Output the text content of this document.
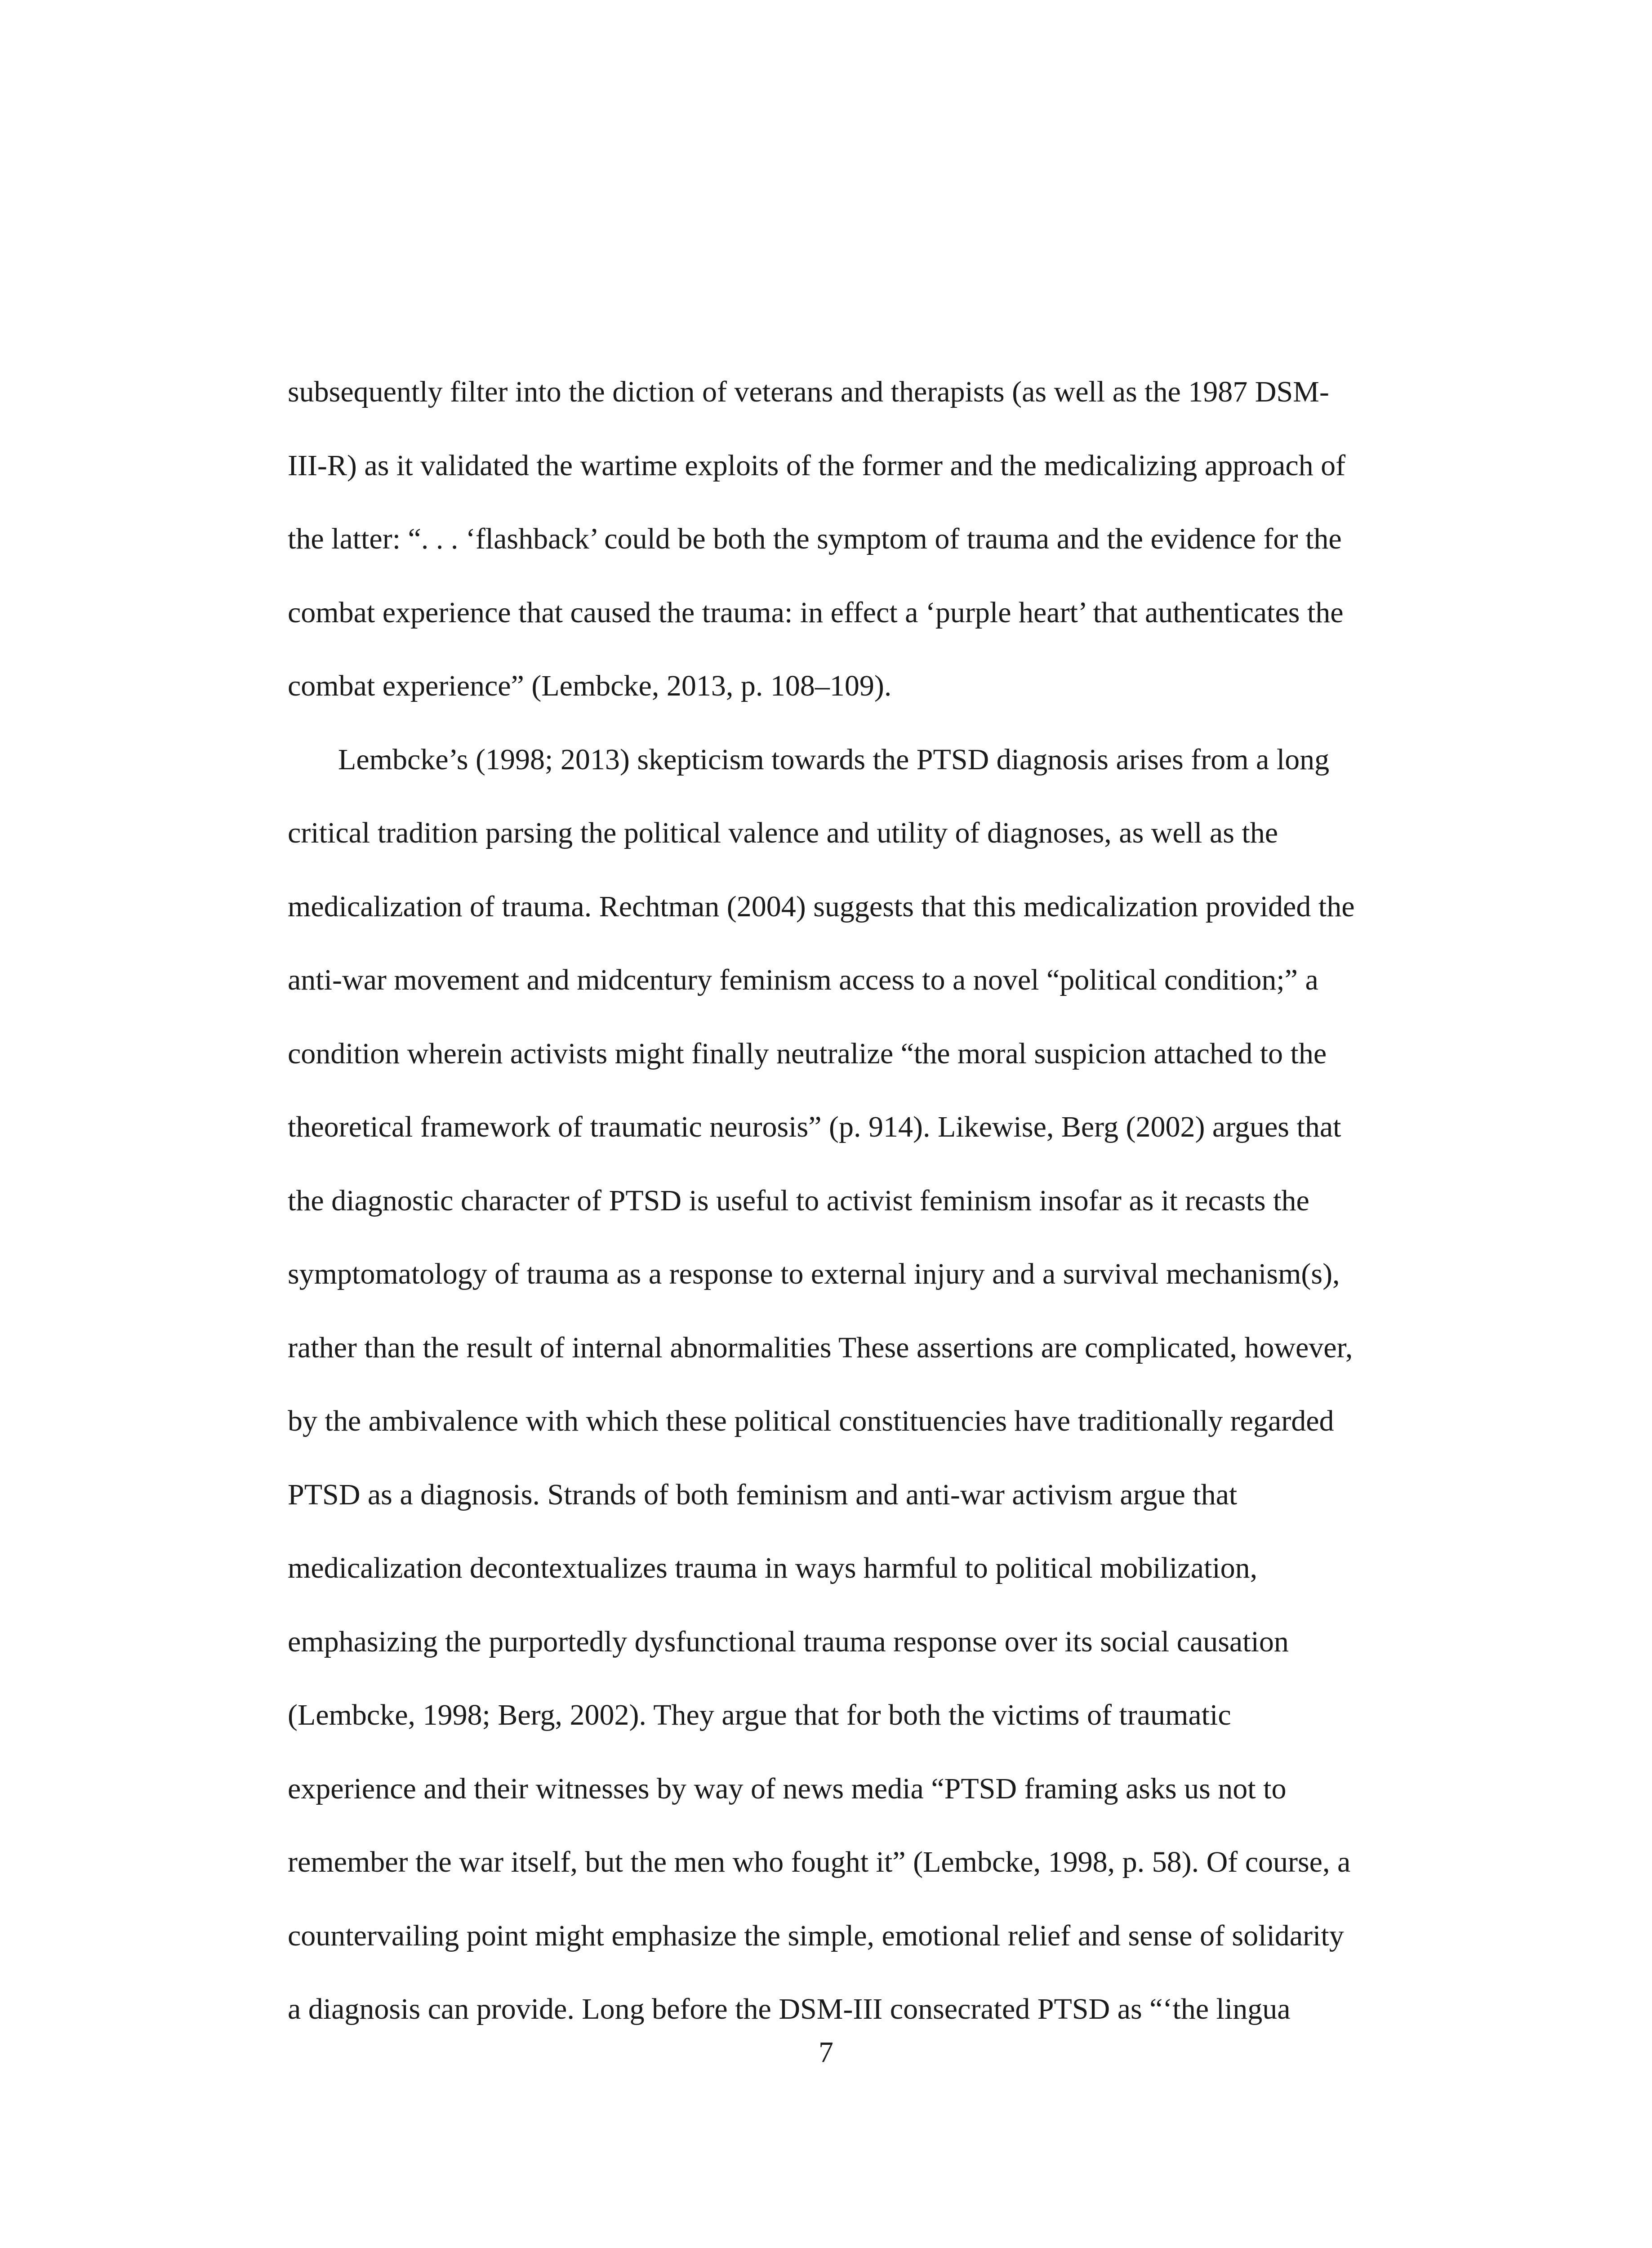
subsequently filter into the diction of veterans and therapists (as well as the 1987 DSM-
III-R) as it validated the wartime exploits of the former and the medicalizing approach of
the latter: “. . . ‘flashback’ could be both the symptom of trauma and the evidence for the
combat experience that caused the trauma: in effect a ‘purple heart’ that authenticates the
combat experience” (Lembcke, 2013, p. 108–109).
Lembcke’s (1998; 2013) skepticism towards the PTSD diagnosis arises from a long
critical tradition parsing the political valence and utility of diagnoses, as well as the
medicalization of trauma. Rechtman (2004) suggests that this medicalization provided the
anti-war movement and midcentury feminism access to a novel “political condition;” a
condition wherein activists might finally neutralize “the moral suspicion attached to the
theoretical framework of traumatic neurosis” (p. 914). Likewise, Berg (2002) argues that
the diagnostic character of PTSD is useful to activist feminism insofar as it recasts the
symptomatology of trauma as a response to external injury and a survival mechanism(s),
rather than the result of internal abnormalities These assertions are complicated, however,
by the ambivalence with which these political constituencies have traditionally regarded
PTSD as a diagnosis. Strands of both feminism and anti-war activism argue that
medicalization decontextualizes trauma in ways harmful to political mobilization,
emphasizing the purportedly dysfunctional trauma response over its social causation
(Lembcke, 1998; Berg, 2002). They argue that for both the victims of traumatic
experience and their witnesses by way of news media “PTSD framing asks us not to
remember the war itself, but the men who fought it” (Lembcke, 1998, p. 58). Of course, a
countervailing point might emphasize the simple, emotional relief and sense of solidarity
a diagnosis can provide. Long before the DSM-III consecrated PTSD as “‘the lingua
7
